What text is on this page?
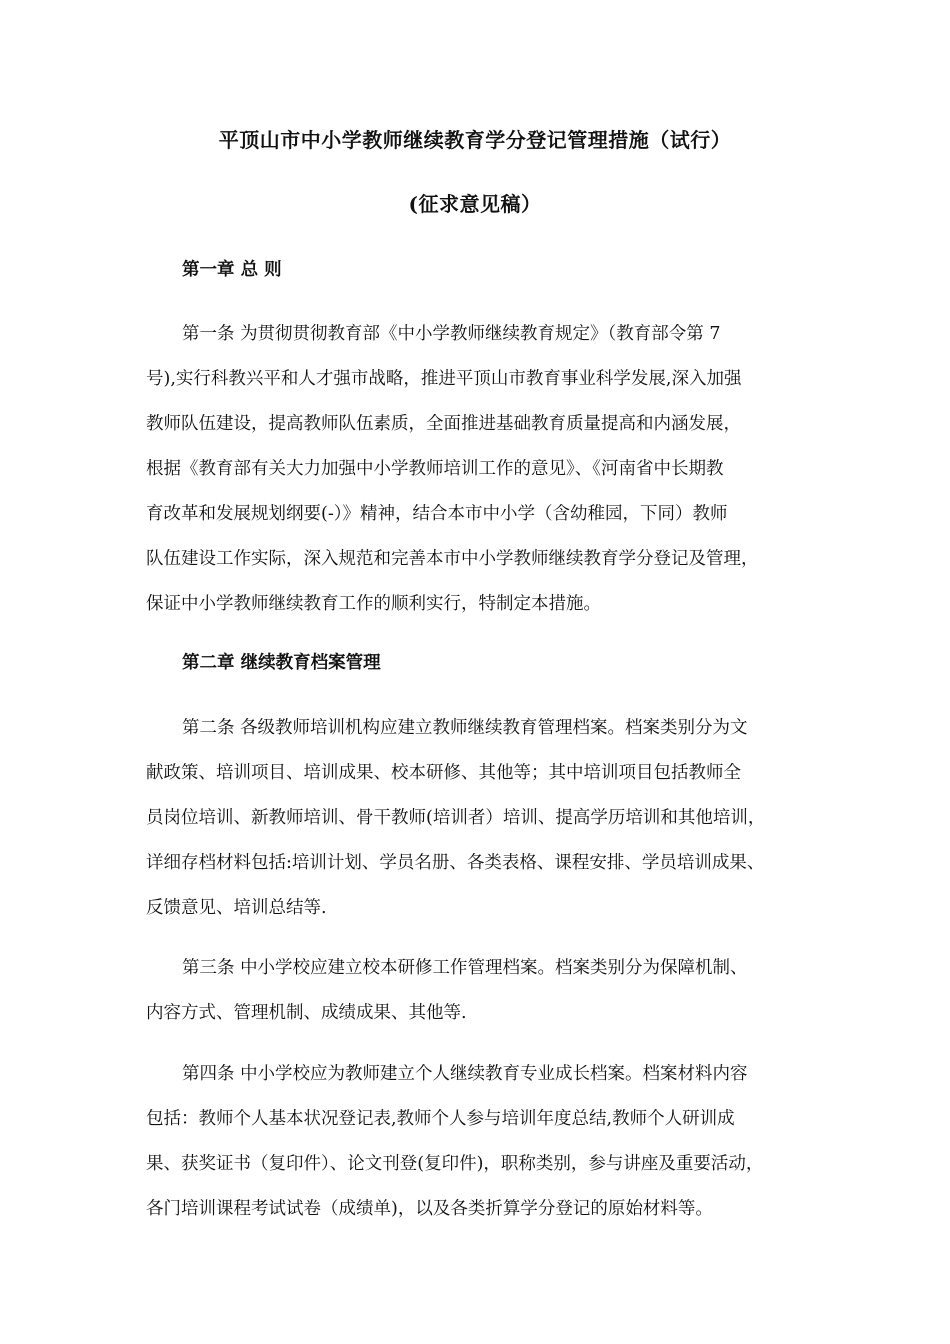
平顶山市中小学教师继续教育学分登记管理措施（试行）
(征求意见稿）
第一章 总 则
第一条 为贯彻贯彻教育部《中小学教师继续教育规定》（教育部令第 7
号),实行科教兴平和人才强市战略，推进平顶山市教育事业科学发展,深入加强
教师队伍建设，提高教师队伍素质，全面推进基础教育质量提高和内涵发展，
根据《教育部有关大力加强中小学教师培训工作的意见》、《河南省中长期教
育改革和发展规划纲要(-）》精神，结合本市中小学（含幼稚园，下同）教师
队伍建设工作实际，深入规范和完善本市中小学教师继续教育学分登记及管理，
保证中小学教师继续教育工作的顺利实行，特制定本措施。
第二章 继续教育档案管理
第二条 各级教师培训机构应建立教师继续教育管理档案。档案类别分为文
献政策、培训项目、培训成果、校本研修、其他等；其中培训项目包括教师全
员岗位培训、新教师培训、骨干教师(培训者）培训、提高学历培训和其他培训，
详细存档材料包括:培训计划、学员名册、各类表格、课程安排、学员培训成果、
反馈意见、培训总结等.
第三条 中小学校应建立校本研修工作管理档案。档案类别分为保障机制、
内容方式、管理机制、成绩成果、其他等.
第四条 中小学校应为教师建立个人继续教育专业成长档案。档案材料内容
包括：教师个人基本状况登记表,教师个人参与培训年度总结,教师个人研训成
果、获奖证书（复印件）、论文刊登(复印件)，职称类别，参与讲座及重要活动，
各门培训课程考试试卷（成绩单)，以及各类折算学分登记的原始材料等。
